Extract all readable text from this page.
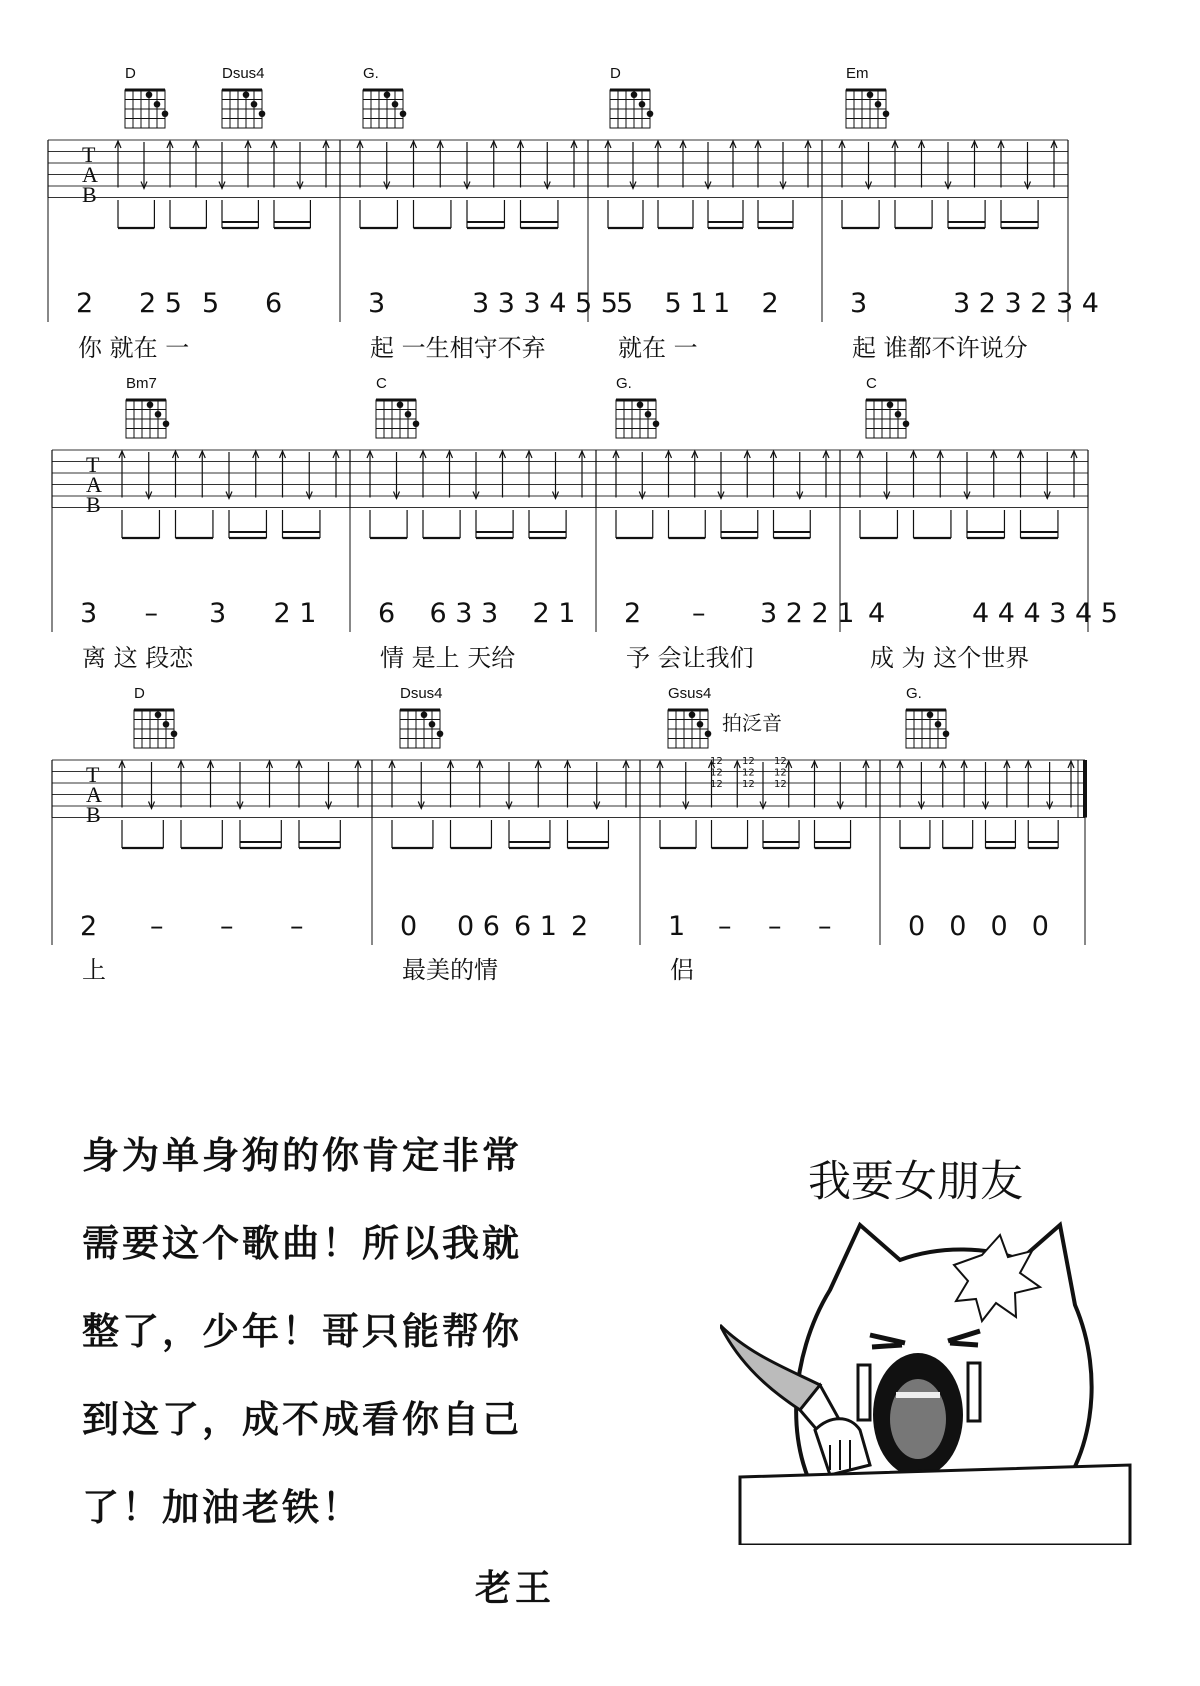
D	Dsus4	G.	D	Em
T
A
B
2 2 5 5 6
你 就在 一
3	3 3 3 4 5 5
起 一生相守不弃
5 5 1 1 2
就在 一
3	3 2 3 2 3 4
起 谁都不许说分
Bm7	C	G.	C
T
A
B
3 – 3 2 1
离 这 段恋
6 6 3 3 2 1
情 是上 天给
2 – 3 2 2 1
予 会让我们
4	4 4 4 3 4 5
成 为 这个世界
D	Dsus4	Gsus4	G.
T
A
B
2 – – –
上
0 0 6 6 1 2
最美的情
1 – – –
侣
0 0 0 0
拍泛音
12
12
12
12
12
12
12
12
12
身为单身狗的你肯定非常
需要这个歌曲！所以我就
整了，少年！哥只能帮你
到这了，成不成看你自己
了！加油老铁！
老王
我要女朋友
